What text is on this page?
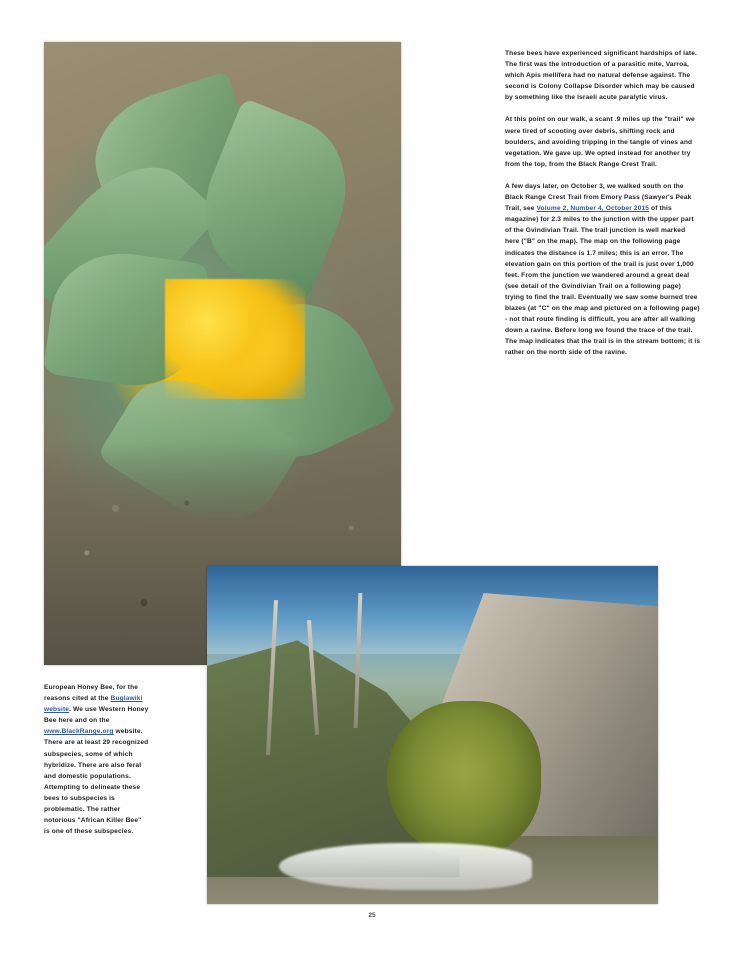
These bees have experienced significant hardships of late. The first was the introduction of a parasitic mite, Varroa, which Apis mellifera had no natural defense against. The second is Colony Collapse Disorder which may be caused by something like the Israeli acute paralytic virus.

At this point on our walk, a scant .9 miles up the "trail" we were tired of scooting over debris, shifting rock and boulders, and avoiding tripping in the tangle of vines and vegetation. We gave up. We opted instead for another try from the top, from the Black Range Crest Trail.

A few days later, on October 3, we walked south on the Black Range Crest Trail from Emory Pass (Sawyer's Peak Trail, see Volume 2, Number 4, October 2015 of this magazine) for 2.3 miles to the junction with the upper part of the Gvindivian Trail. The trail junction is well marked here ("B" on the map). The map on the following page indicates the distance is 1.7 miles; this is an error. The elevation gain on this portion of the trail is just over 1,000 feet. From the junction we wandered around a great deal (see detail of the Gvindivian Trail on a following page) trying to find the trail. Eventually we saw some burned tree blazes (at "C" on the map and pictured on a following page) - not that route finding is difficult, you are after all walking down a ravine. Before long we found the trace of the trail. The map indicates that the trail is in the stream bottom; it is rather on the north side of the ravine.

European Honey Bee, for the reasons cited at the Buglawiki website. We use Western Honey Bee here and on the www.BlackRange.org website. There are at least 29 recognized subspecies, some of which hybridize. There are also feral and domestic populations. Attempting to delineate these bees to subspecies is problematic. The rather notorious "African Killer Bee" is one of these subspecies.

25
